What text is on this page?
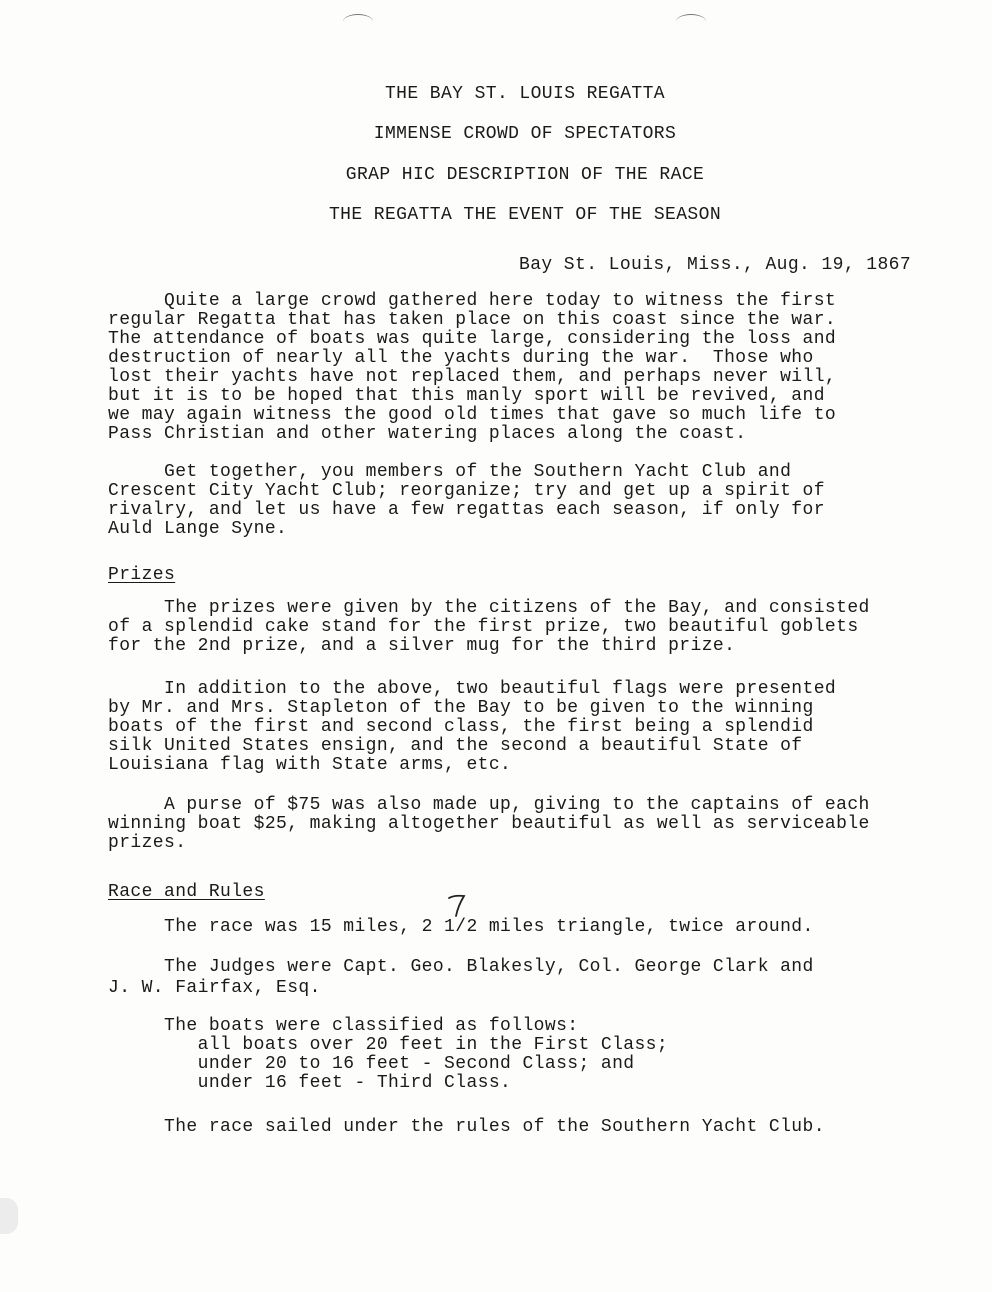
THE BAY ST. LOUIS REGATTA
IMMENSE CROWD OF SPECTATORS
GRAP HIC DESCRIPTION OF THE RACE
THE REGATTA THE EVENT OF THE SEASON
Bay St. Louis, Miss., Aug. 19, 1867
Quite a large crowd gathered here today to witness the first
regular Regatta that has taken place on this coast since the war.
The attendance of boats was quite large, considering the loss and
destruction of nearly all the yachts during the war.  Those who
lost their yachts have not replaced them, and perhaps never will,
but it is to be hoped that this manly sport will be revived, and
we may again witness the good old times that gave so much life to
Pass Christian and other watering places along the coast.
Get together, you members of the Southern Yacht Club and
Crescent City Yacht Club; reorganize; try and get up a spirit of
rivalry, and let us have a few regattas each season, if only for
Auld Lange Syne.
Prizes
The prizes were given by the citizens of the Bay, and consisted
of a splendid cake stand for the first prize, two beautiful goblets
for the 2nd prize, and a silver mug for the third prize.
In addition to the above, two beautiful flags were presented
by Mr. and Mrs. Stapleton of the Bay to be given to the winning
boats of the first and second class, the first being a splendid
silk United States ensign, and the second a beautiful State of
Louisiana flag with State arms, etc.
A purse of $75 was also made up, giving to the captains of each
winning boat $25, making altogether beautiful as well as serviceable
prizes.
Race and Rules
The race was 15 miles, 2 1/2 miles triangle, twice around.
The Judges were Capt. Geo. Blakesly, Col. George Clark and
J. W. Fairfax, Esq.
The boats were classified as follows:
all boats over 20 feet in the First Class;
under 20 to 16 feet - Second Class; and
under 16 feet - Third Class.
The race sailed under the rules of the Southern Yacht Club.
